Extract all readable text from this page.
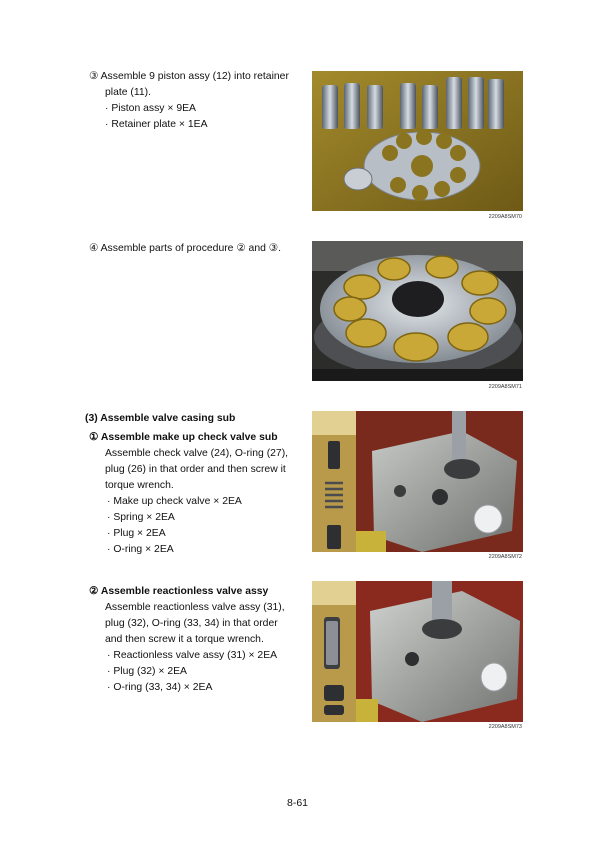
③ Assemble 9 piston assy (12) into retainer
plate (11).
· Piston assy × 9EA
· Retainer plate × 1EA
2209A8SM70
④ Assemble parts of procedure ② and ③.
2209A8SM71
(3) Assemble valve casing sub
① Assemble make up check valve sub
Assemble check valve (24), O-ring (27),
plug (26) in that order and then screw it
torque wrench.
· Make up check valve × 2EA
· Spring × 2EA
· Plug × 2EA
· O-ring × 2EA
2209A8SM72
② Assemble reactionless valve assy
Assemble reactionless valve assy (31),
plug (32), O-ring (33, 34) in that order
and then screw it a torque wrench.
· Reactionless valve assy (31) × 2EA
· Plug (32) × 2EA
· O-ring (33, 34) × 2EA
2209A8SM73
8-61
